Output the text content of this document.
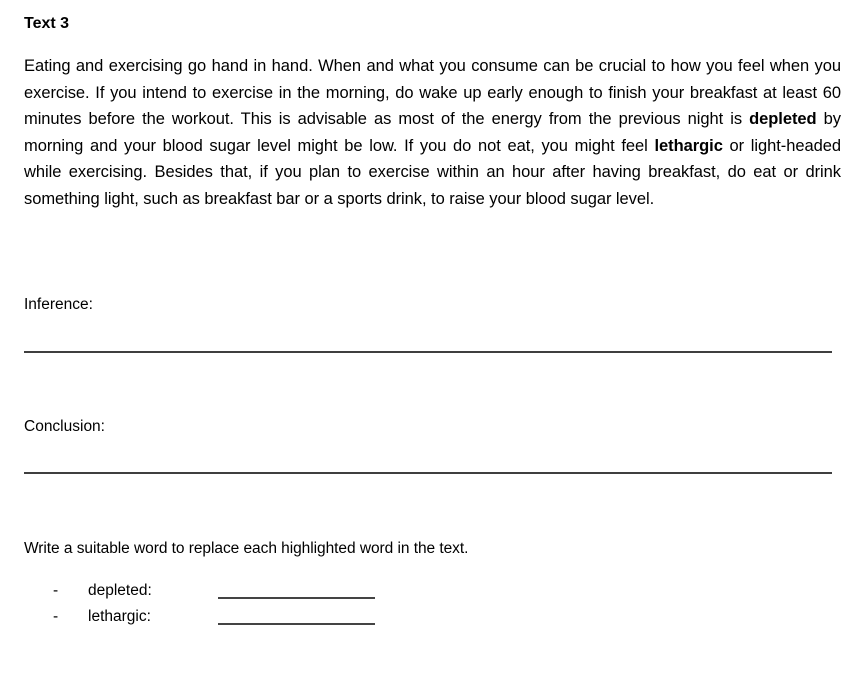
Text 3
Eating and exercising go hand in hand. When and what you consume can be crucial to how you feel when you exercise. If you intend to exercise in the morning, do wake up early enough to finish your breakfast at least 60 minutes before the workout. This is advisable as most of the energy from the previous night is depleted by morning and your blood sugar level might be low. If you do not eat, you might feel lethargic or light-headed while exercising. Besides that, if you plan to exercise within an hour after having breakfast, do eat or drink something light, such as breakfast bar or a sports drink, to raise your blood sugar level.
Inference:
Conclusion:
Write a suitable word to replace each highlighted word in the text.
- depleted:
- lethargic:
